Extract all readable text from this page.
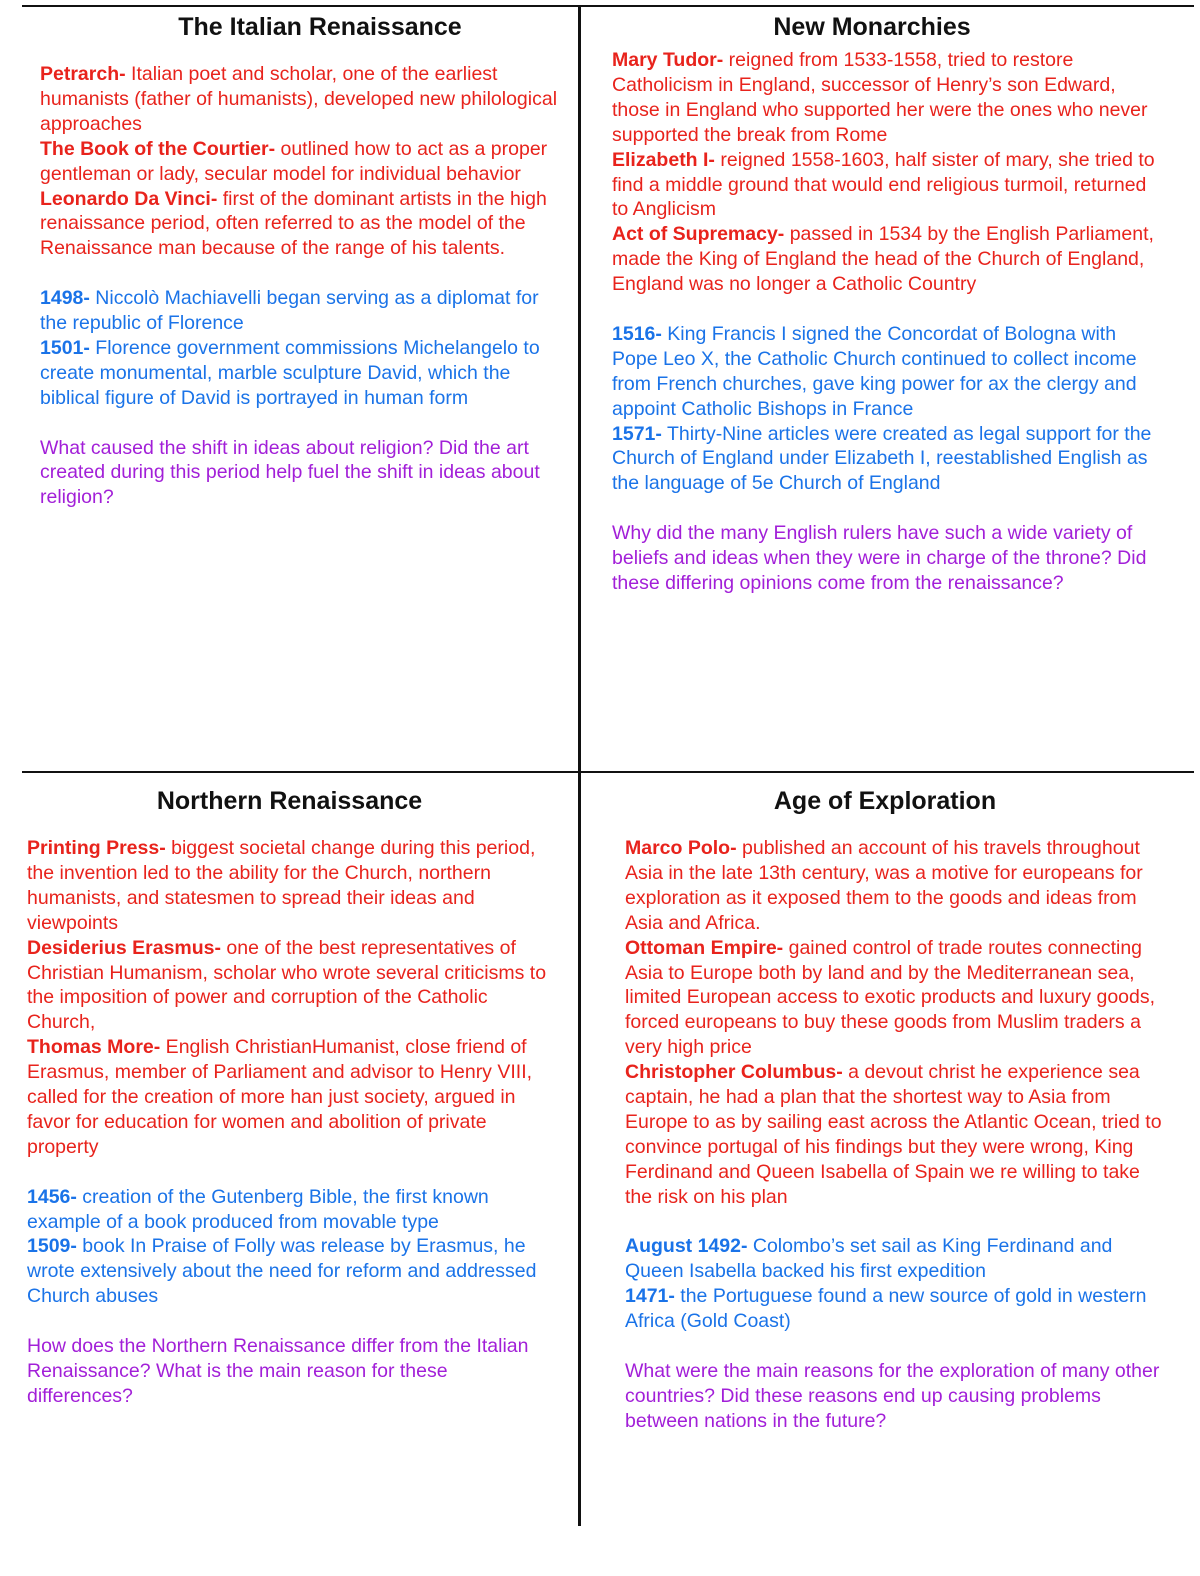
The Italian Renaissance

Petrarch- Italian poet and scholar, one of the earliest humanists (father of humanists), developed new philological approaches

The Book of the Courtier- outlined how to act as a proper gentleman or lady, secular model for individual behavior

Leonardo Da Vinci- first of the dominant artists in the high renaissance period, often referred to as the model of the Renaissance man because of the range of his talents.

1498- Niccolò Machiavelli began serving as a diplomat for the republic of Florence

1501- Florence government commissions Michelangelo to create monumental, marble sculpture David, which the biblical figure of David is portrayed in human form

What caused the shift in ideas about religion? Did the art created during this period help fuel the shift in ideas about religion?

New Monarchies

Mary Tudor- reigned from 1533-1558, tried to restore Catholicism in England, successor of Henry’s son Edward, those in England who supported her were the ones who never supported the break from Rome

Elizabeth I- reigned 1558-1603, half sister of mary, she tried to find a middle ground that would end religious turmoil, returned to Anglicism

Act of Supremacy- passed in 1534 by the English Parliament, made the King of England the head of the Church of England, England was no longer a Catholic Country

1516- King Francis I signed the Concordat of Bologna with Pope Leo X, the Catholic Church continued to collect income from French churches, gave king power for ax the clergy and appoint Catholic Bishops in France

1571- Thirty-Nine articles were created as legal support for the Church of England under Elizabeth I, reestablished English as the language of 5e Church of England

Why did the many English rulers have such a wide variety of beliefs and ideas when they were in charge of the throne? Did these differing opinions come from the renaissance?

Northern Renaissance

Printing Press- biggest societal change during this period, the invention led to the ability for the Church, northern humanists, and statesmen to spread their ideas and viewpoints

Desiderius Erasmus- one of the best representatives of Christian Humanism, scholar who wrote several criticisms to the imposition of power and corruption of the Catholic Church,

Thomas More- English ChristianHumanist, close friend of Erasmus, member of Parliament and advisor to Henry VIII, called for the creation of more han just society, argued in favor for education for women and abolition of private property

1456- creation of the Gutenberg Bible, the first known example of a book produced from movable type

1509- book In Praise of Folly was release by Erasmus, he wrote extensively about the need for reform and addressed Church abuses

How does the Northern Renaissance differ from the Italian Renaissance? What is the main reason for these differences?

Age of Exploration

Marco Polo- published an account of his travels throughout Asia in the late 13th century, was a motive for europeans for exploration as it exposed them to the goods and ideas from Asia and Africa.

Ottoman Empire- gained control of trade routes connecting Asia to Europe both by land and by the Mediterranean sea, limited European access to exotic products and luxury goods, forced europeans to buy these goods from Muslim traders a very high price

Christopher Columbus- a devout christ he experience sea captain, he had a plan that the shortest way to Asia from Europe to as by sailing east across the Atlantic Ocean, tried to convince portugal of his findings but they were wrong, King Ferdinand and Queen Isabella of Spain we re willing to take the risk on his plan

August 1492- Colombo’s set sail as King Ferdinand and Queen Isabella backed his first expedition

1471- the Portuguese found a new source of gold in western Africa (Gold Coast)

What were the main reasons for the exploration of many other countries? Did these reasons end up causing problems between nations in the future?
